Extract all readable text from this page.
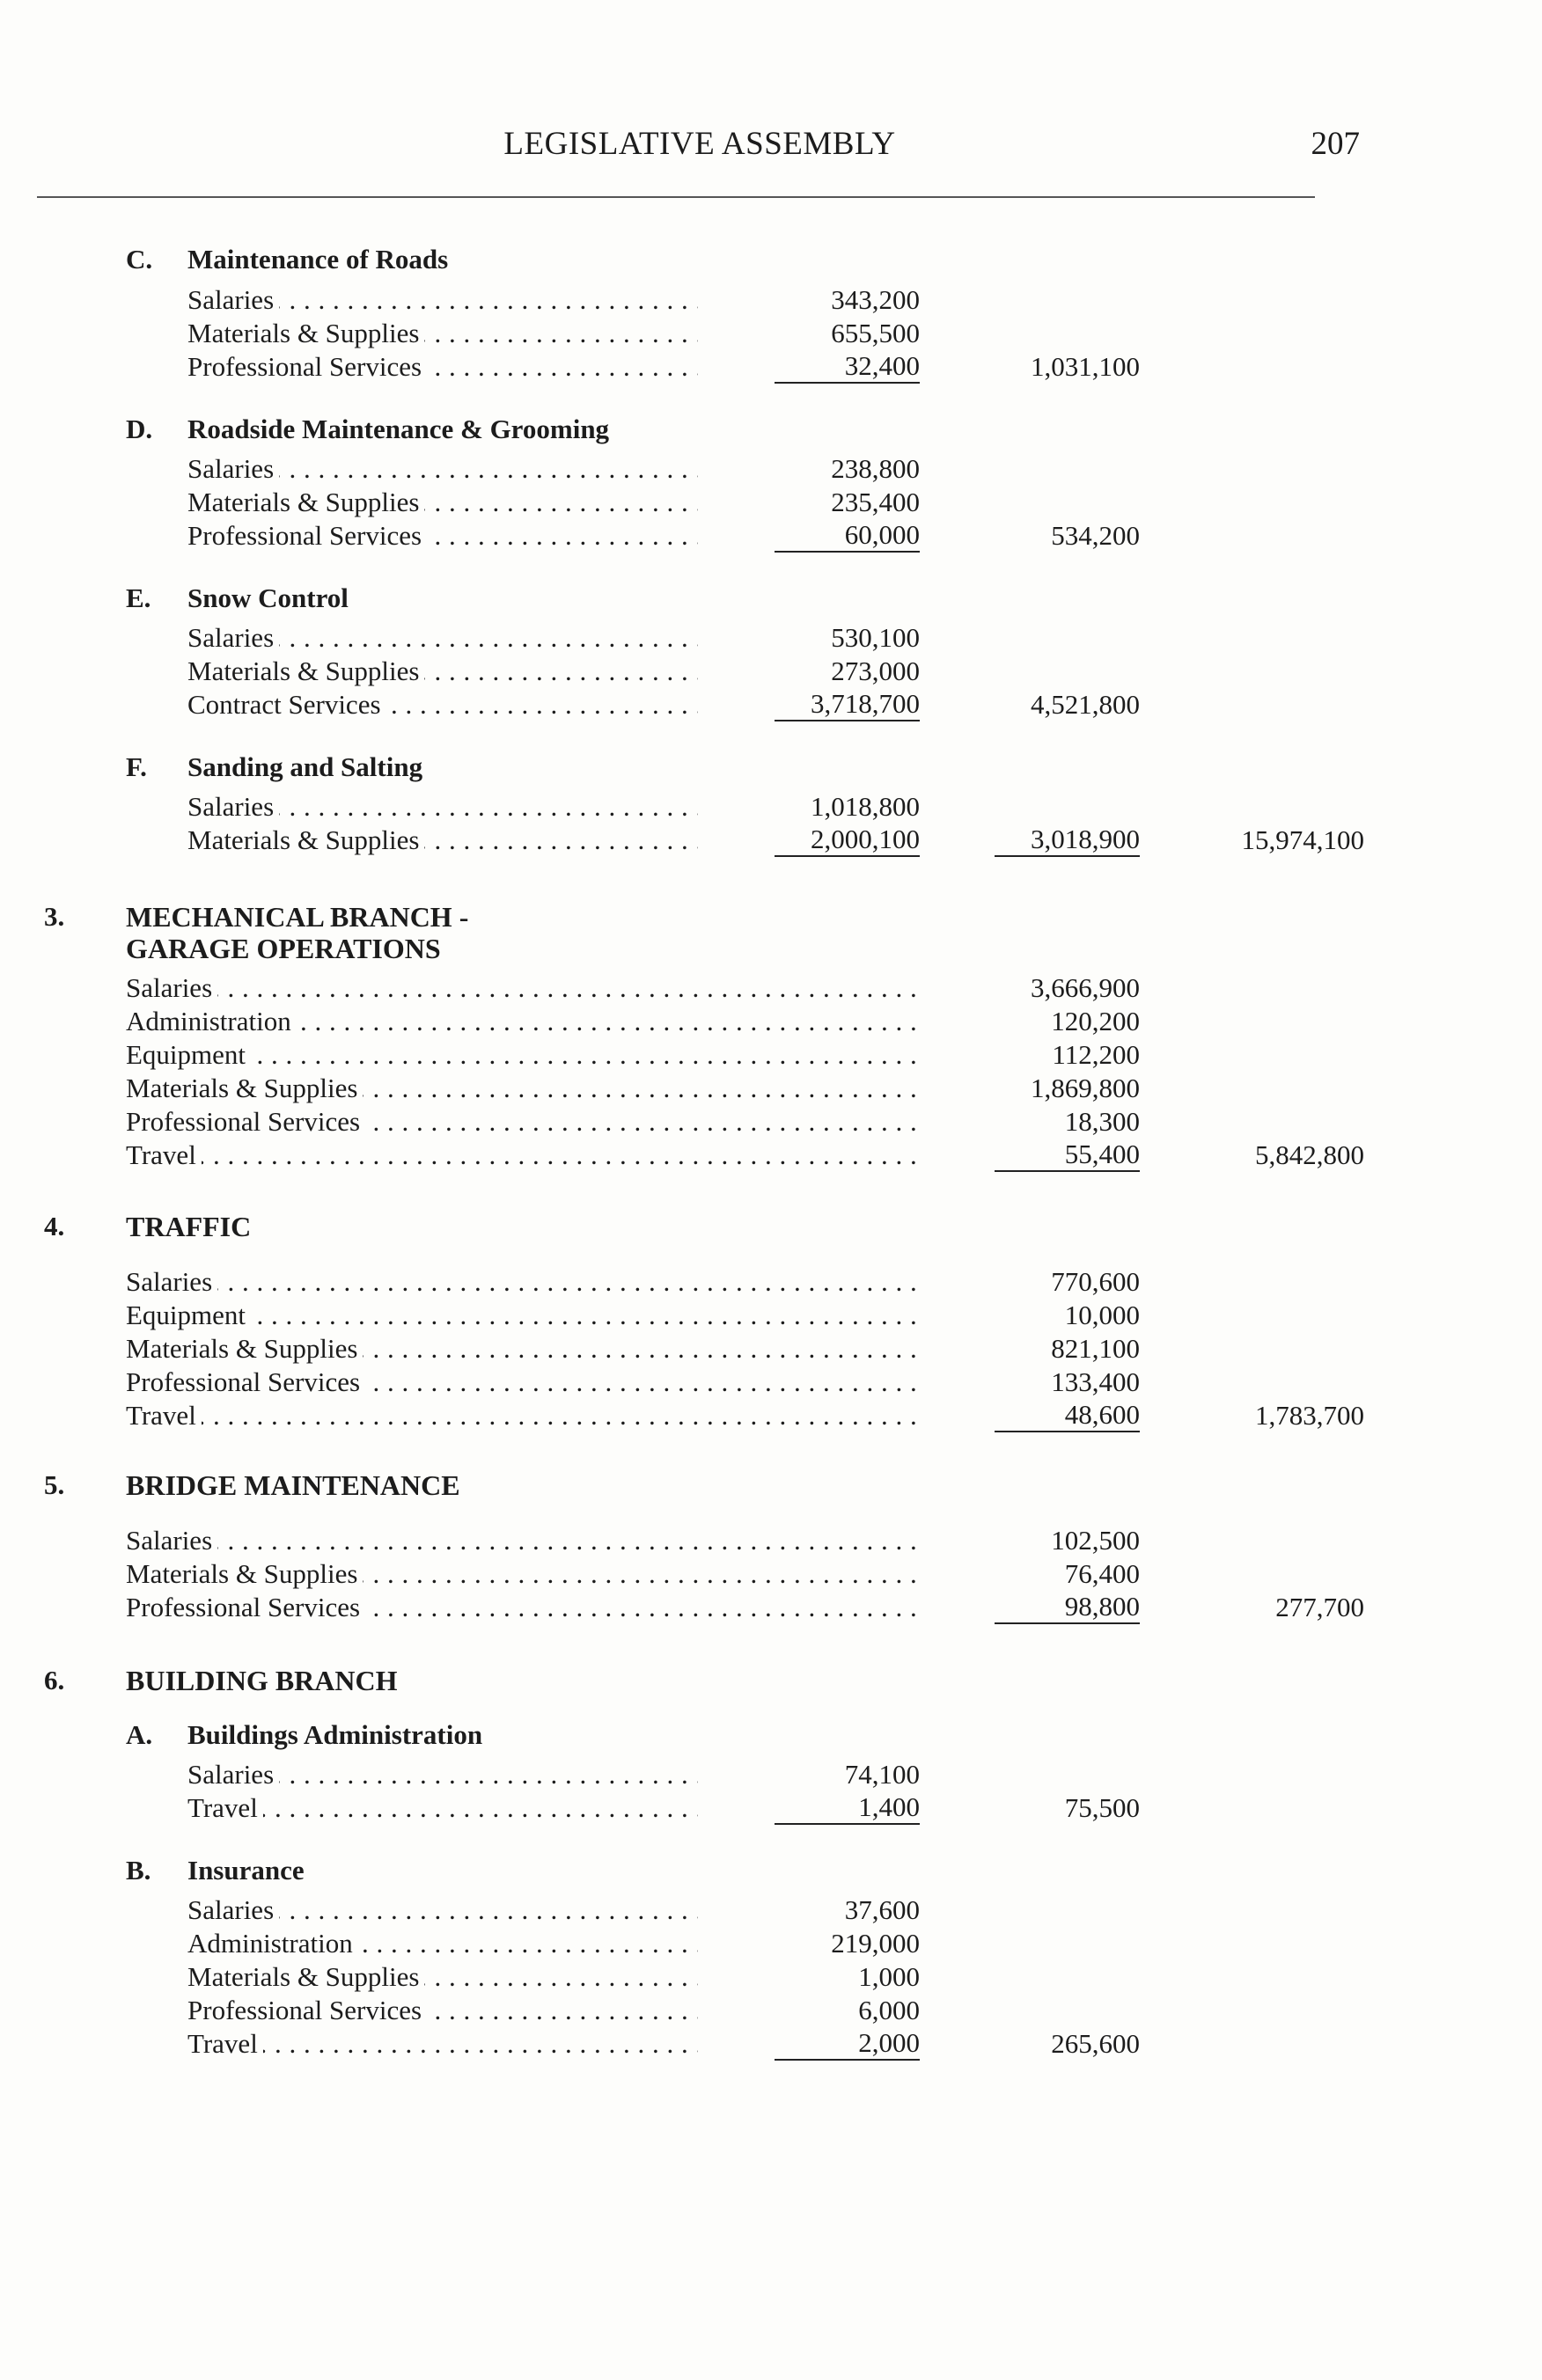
LEGISLATIVE ASSEMBLY	207
C. Maintenance of Roads
Salaries . . .	343,200
Materials & Supplies . . .	655,500
Professional Services . . .	32,400	1,031,100
D. Roadside Maintenance & Grooming
Salaries . . .	238,800
Materials & Supplies . . .	235,400
Professional Services . . .	60,000	534,200
E. Snow Control
Salaries . . .	530,100
Materials & Supplies . . .	273,000
Contract Services . . .	3,718,700	4,521,800
F. Sanding and Salting
Salaries . . .	1,018,800
Materials & Supplies . . .	2,000,100	3,018,900	15,974,100
3. MECHANICAL BRANCH -
GARAGE OPERATIONS
Salaries . . .	3,666,900
Administration . . .	120,200
Equipment . . .	112,200
Materials & Supplies . . .	1,869,800
Professional Services . . .	18,300
Travel . . .	55,400	5,842,800
4. TRAFFIC
Salaries . . .	770,600
Equipment . . .	10,000
Materials & Supplies . . .	821,100
Professional Services . . .	133,400
Travel . . .	48,600	1,783,700
5. BRIDGE MAINTENANCE
Salaries . . .	102,500
Materials & Supplies . . .	76,400
Professional Services . . .	98,800	277,700
6. BUILDING BRANCH
A. Buildings Administration
Salaries . . .	74,100
Travel . . .	1,400	75,500
B. Insurance
Salaries . . .	37,600
Administration . . .	219,000
Materials & Supplies . . .	1,000
Professional Services . . .	6,000
Travel . . .	2,000	265,600
